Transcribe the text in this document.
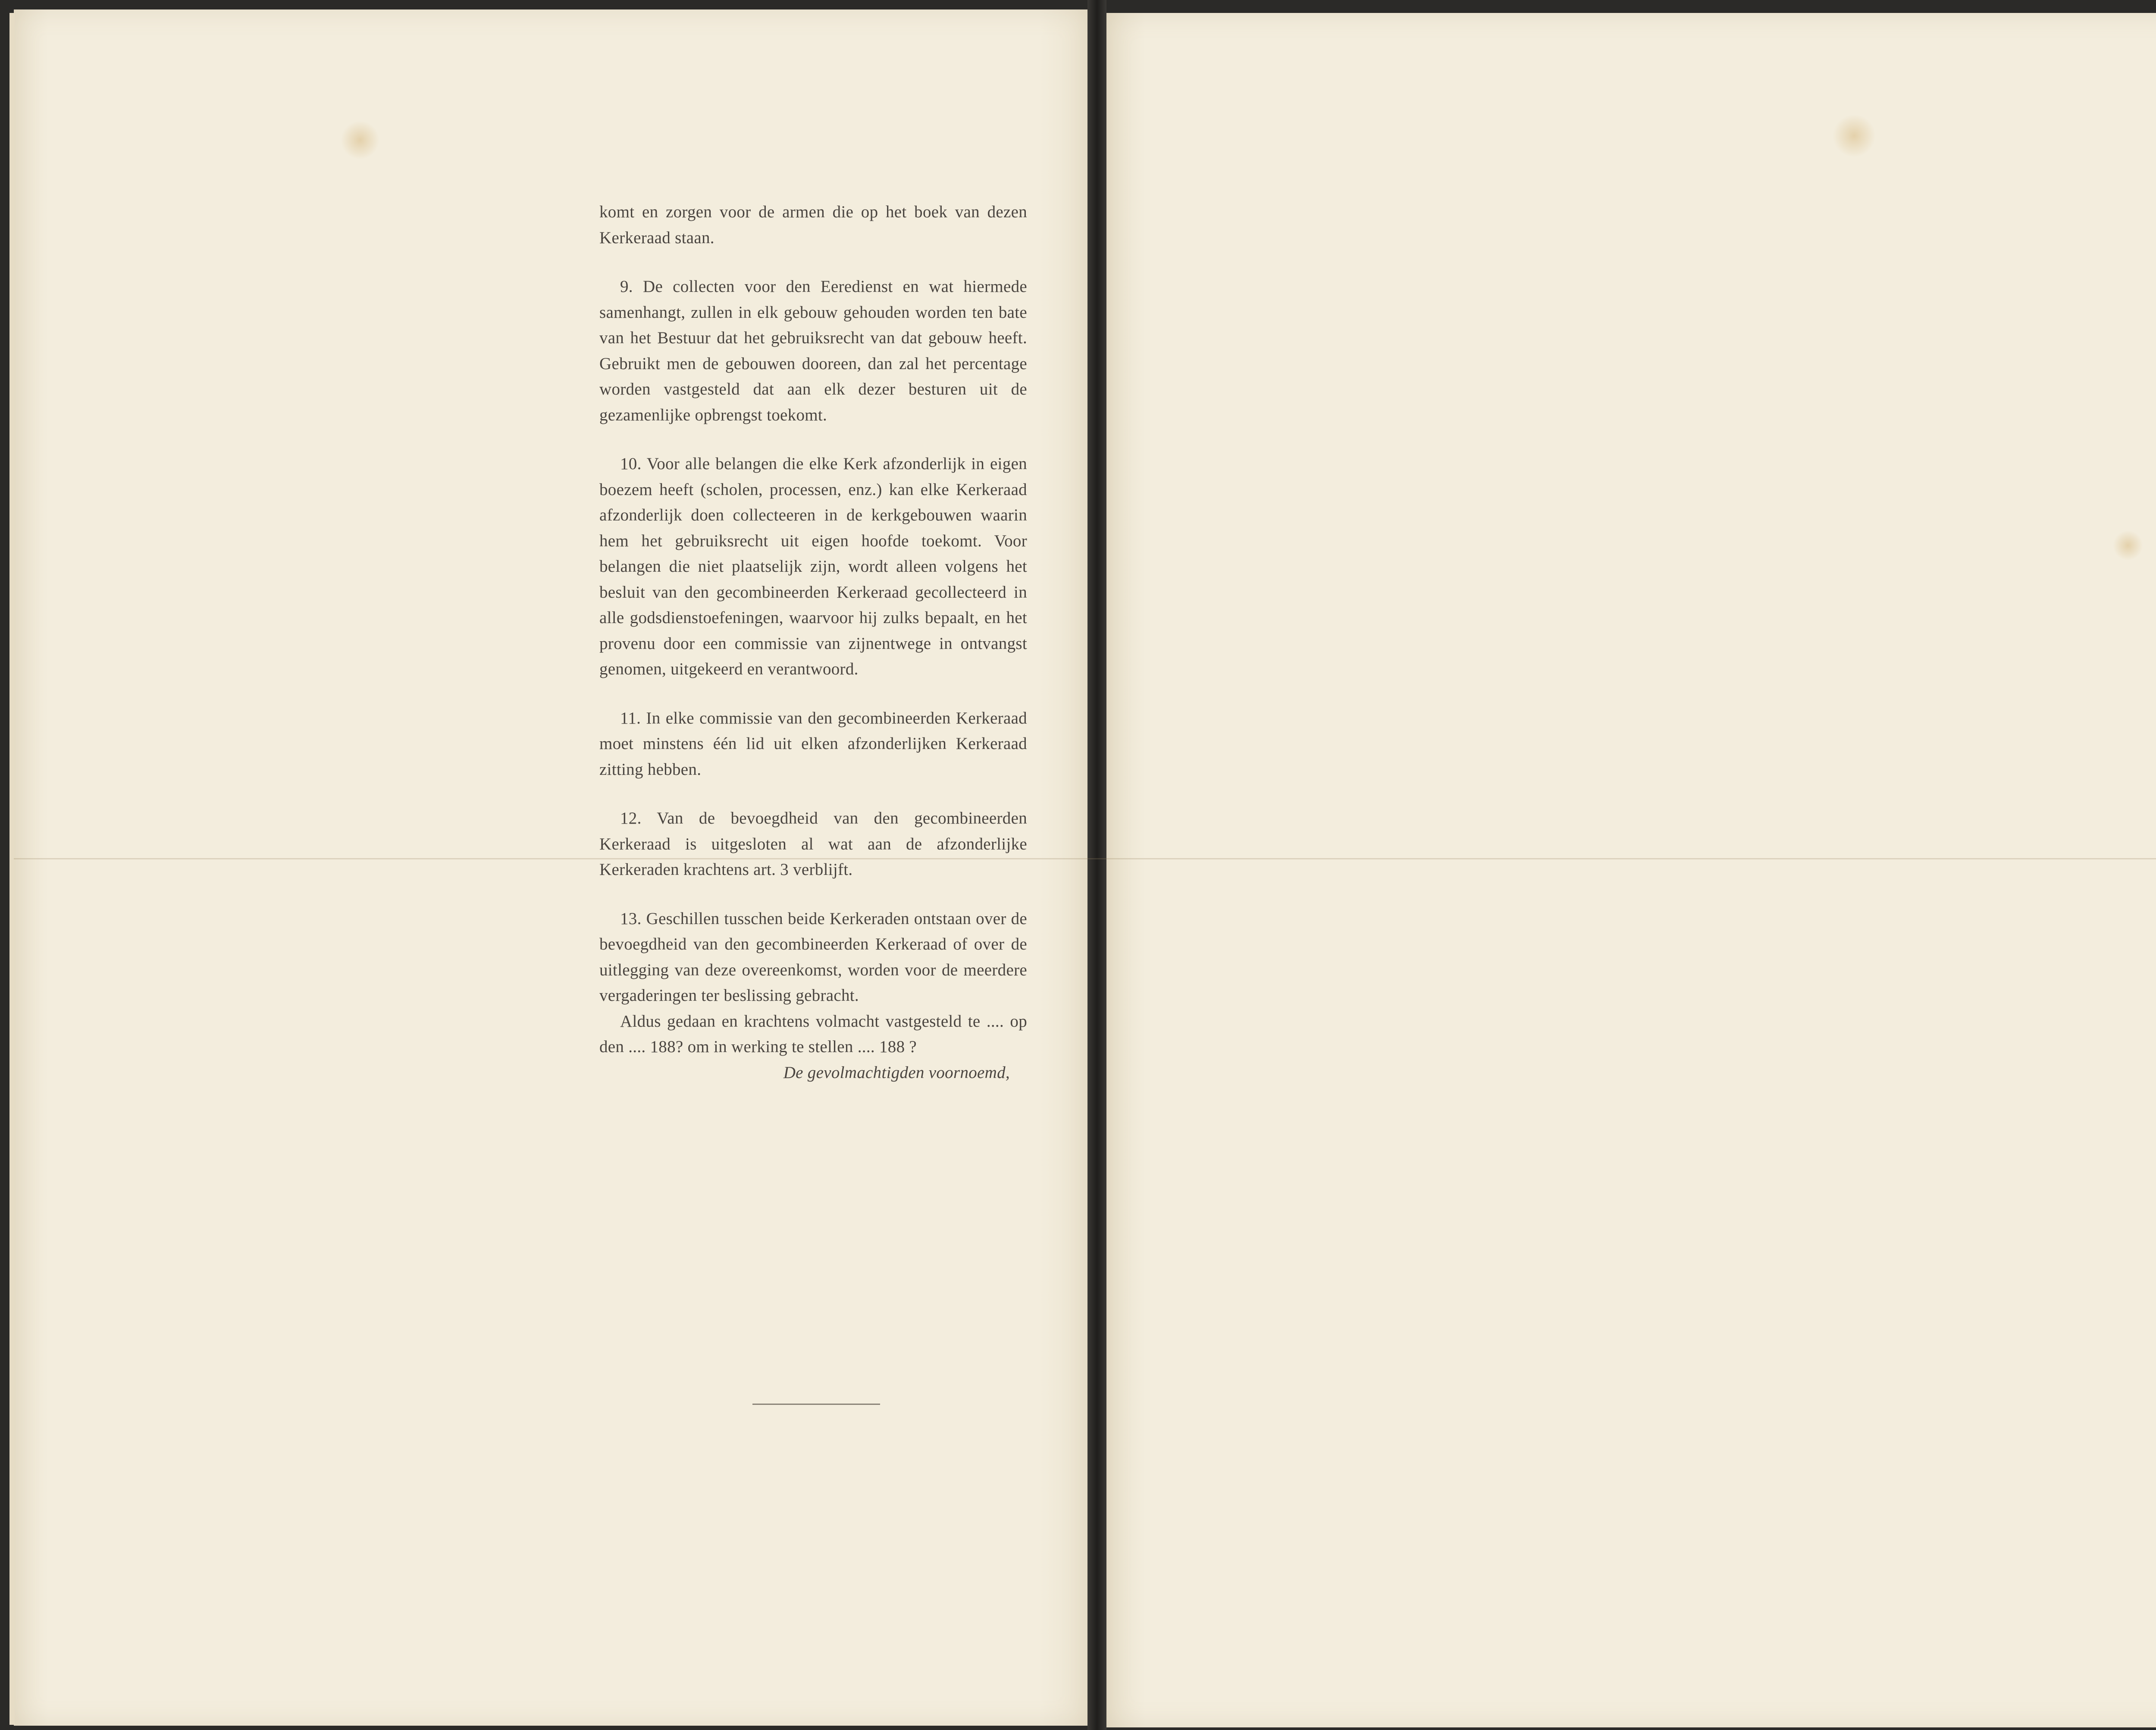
komt en zorgen voor de armen die op het boek van dezen Kerkeraad staan.

9. De collecten voor den Eeredienst en wat hiermede samenhangt, zullen in elk gebouw gehouden worden ten bate van het Bestuur dat het gebruiksrecht van dat gebouw heeft. Gebruikt men de gebouwen dooreen, dan zal het percentage worden vastgesteld dat aan elk dezer besturen uit de gezamenlijke opbrengst toekomt.

10. Voor alle belangen die elke Kerk afzonderlijk in eigen boezem heeft (scholen, processen, enz.) kan elke Kerkeraad afzonderlijk doen collecteeren in de kerkgebouwen waarin hem het gebruiksrecht uit eigen hoofde toekomt. Voor belangen die niet plaatselijk zijn, wordt alleen volgens het besluit van den gecombineerden Kerkeraad gecollecteerd in alle godsdienstoefeningen, waarvoor hij zulks bepaalt, en het provenu door een commissie van zijnentwege in ontvangst genomen, uitgekeerd en verantwoord.

11. In elke commissie van den gecombineerden Kerkeraad moet minstens één lid uit elken afzonderlijken Kerkeraad zitting hebben.

12. Van de bevoegdheid van den gecombineerden Kerkeraad is uitgesloten al wat aan de afzonderlijke Kerkeraden krachtens art. 3 verblijft.

13. Geschillen tusschen beide Kerkeraden ontstaan over de bevoegdheid van den gecombineerden Kerkeraad of over de uitlegging van deze overeenkomst, worden voor de meerdere vergaderingen ter beslissing gebracht.

Aldus gedaan en krachtens volmacht vastgesteld te .... op den .... 188? om in werking te stellen .... 188 ?

De gevolmachtigden voornoemd,
